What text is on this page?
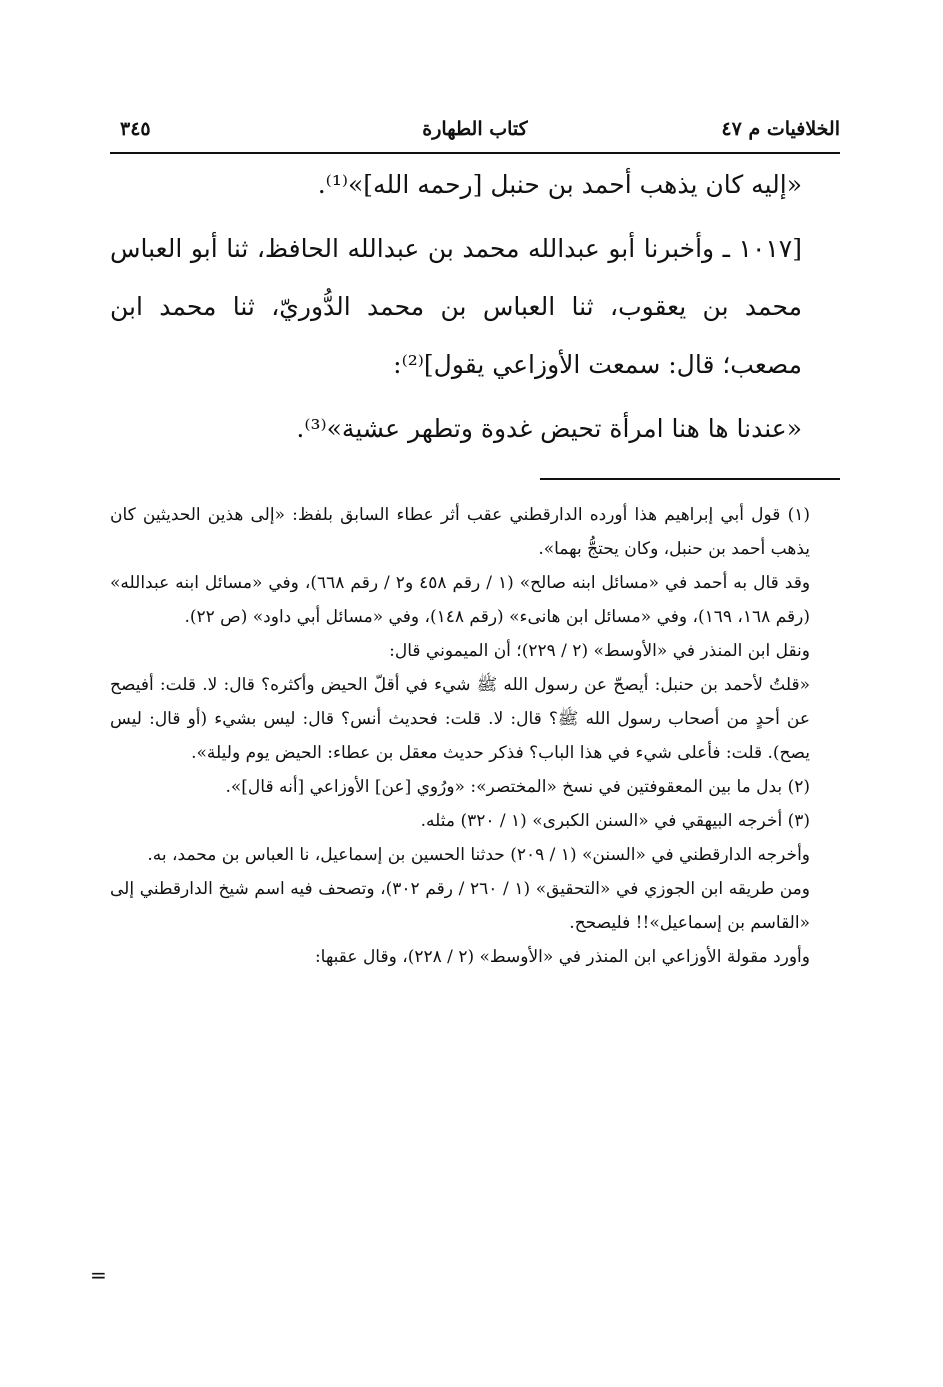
الخلافيات م ٤٧
كتاب الطهارة
٣٤٥

«إليه كان يذهب أحمد بن حنبل [رحمه الله]»⁽¹⁾.

[١٠١٧ ـ وأخبرنا أبو عبدالله محمد بن عبدالله الحافظ، ثنا أبو العباس محمد بن يعقوب، ثنا العباس بن محمد الدُّوريّ، ثنا محمد ابن مصعب؛ قال: سمعت الأوزاعي يقول]⁽²⁾:

«عندنا ها هنا امرأة تحيض غدوة وتطهر عشية»⁽³⁾.

(١) قول أبي إبراهيم هذا أورده الدارقطني عقب أثر عطاء السابق بلفظ: «إلى هذين الحديثين كان يذهب أحمد بن حنبل، وكان يحتجُّ بهما».

وقد قال به أحمد في «مسائل ابنه صالح» (١ / رقم ٤٥٨ و٢ / رقم ٦٦٨)، وفي «مسائل ابنه عبدالله» (رقم ١٦٨، ١٦٩)، وفي «مسائل ابن هانىء» (رقم ١٤٨)، وفي «مسائل أبي داود» (ص ٢٢).

ونقل ابن المنذر في «الأوسط» (٢ / ٢٢٩)؛ أن الميموني قال:

«قلتُ لأحمد بن حنبل: أيصحّ عن رسول الله ﷺ شيء في أقلّ الحيض وأكثره؟ قال: لا. قلت: أفيصح عن أحدٍ من أصحاب رسول الله ﷺ؟ قال: لا. قلت: فحديث أنس؟ قال: ليس بشيء (أو قال: ليس يصح). قلت: فأعلى شيء في هذا الباب؟ فذكر حديث معقل بن عطاء: الحيض يوم وليلة».

(٢) بدل ما بين المعقوفتين في نسخ «المختصر»: «ورُوي [عن] الأوزاعي [أنه قال]».

(٣) أخرجه البيهقي في «السنن الكبرى» (١ / ٣٢٠) مثله.

وأخرجه الدارقطني في «السنن» (١ / ٢٠٩) حدثنا الحسين بن إسماعيل، نا العباس بن محمد، به.

ومن طريقه ابن الجوزي في «التحقيق» (١ / ٢٦٠ / رقم ٣٠٢)، وتصحف فيه اسم شيخ الدارقطني إلى «القاسم بن إسماعيل»!! فليصحح.

وأورد مقولة الأوزاعي ابن المنذر في «الأوسط» (٢ / ٢٢٨)، وقال عقبها:

=
